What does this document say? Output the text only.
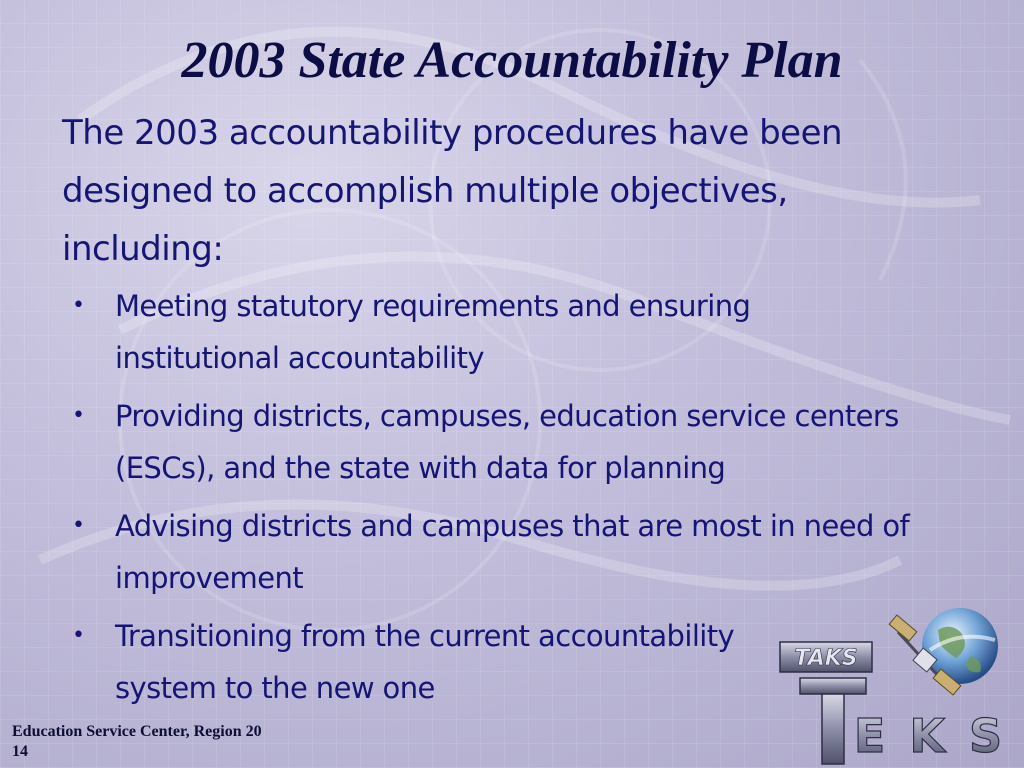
2003 State Accountability Plan

The 2003 accountability procedures have been designed to accomplish multiple objectives, including:

•	Meeting statutory requirements and ensuring institutional accountability
•	Providing districts, campuses, education service centers (ESCs), and the state with data for planning
•	Advising districts and campuses that are most in need of improvement
•	Transitioning from the current accountability system to the new one
Education Service Center, Region 20
14
TAKS
E K S
